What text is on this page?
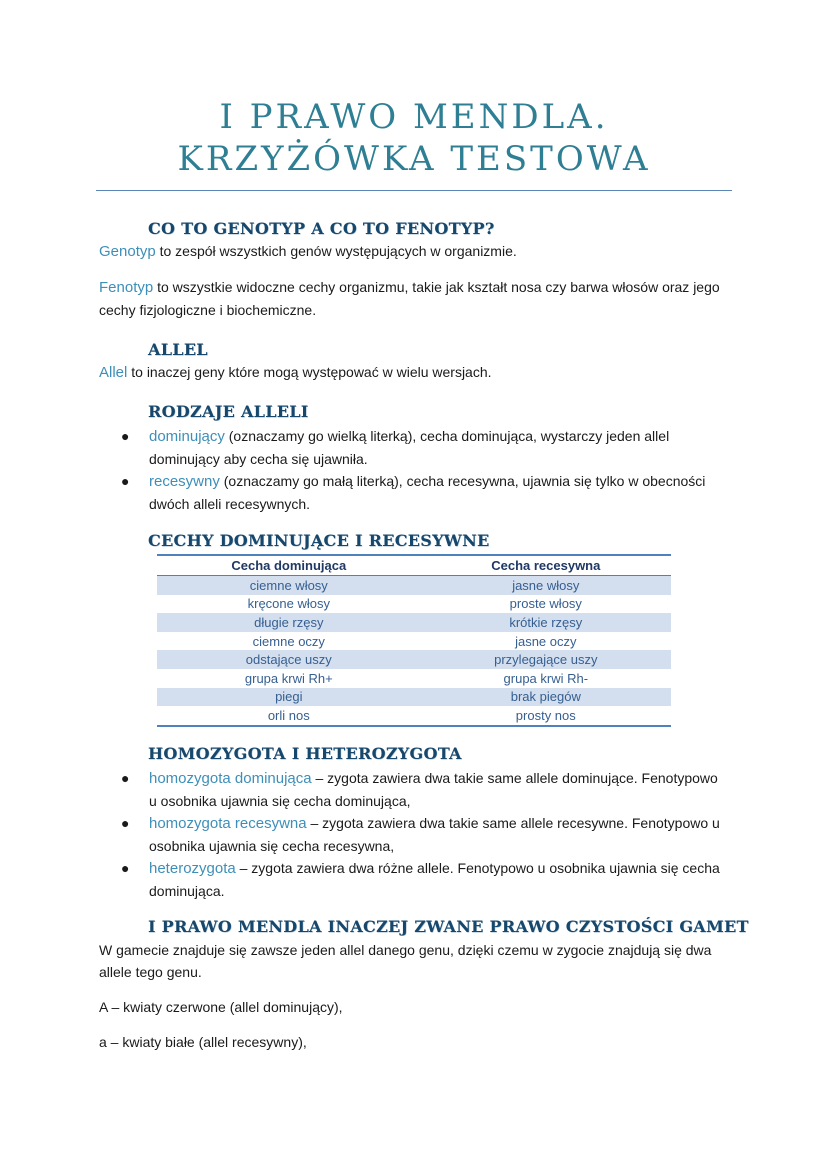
I PRAWO MENDLA.
KRZYŻÓWKA TESTOWA
CO TO GENOTYP A CO TO FENOTYP?

Genotyp to zespół wszystkich genów występujących w organizmie.

Fenotyp to wszystkie widoczne cechy organizmu, takie jak kształt nosa czy barwa włosów oraz jego cechy fizjologiczne i biochemiczne.

ALLEL

Allel to inaczej geny które mogą występować w wielu wersjach.

RODZAJE ALLELI
● dominujący (oznaczamy go wielką literką), cecha dominująca, wystarczy jeden allel dominujący aby cecha się ujawniła.
● recesywny (oznaczamy go małą literką), cecha recesywna, ujawnia się tylko w obecności dwóch alleli recesywnych.
CECHY DOMINUJĄCE I RECESYWNE
Cecha dominująca	Cecha recesywna
ciemne włosy	jasne włosy
kręcone włosy	proste włosy
długie rzęsy	krótkie rzęsy
ciemne oczy	jasne oczy
odstające uszy	przylegające uszy
grupa krwi Rh+	grupa krwi Rh-
piegi	brak piegów
orli nos	prosty nos
HOMOZYGOTA I HETEROZYGOTA
● homozygota dominująca – zygota zawiera dwa takie same allele dominujące. Fenotypowo u osobnika ujawnia się cecha dominująca,
● homozygota recesywna – zygota zawiera dwa takie same allele recesywne. Fenotypowo u osobnika ujawnia się cecha recesywna,
● heterozygota – zygota zawiera dwa różne allele. Fenotypowo u osobnika ujawnia się cecha dominująca.
I PRAWO MENDLA INACZEJ ZWANE PRAWO CZYSTOŚCI GAMET

W gamecie znajduje się zawsze jeden allel danego genu, dzięki czemu w zygocie znajdują się dwa allele tego genu.

A – kwiaty czerwone (allel dominujący),

a – kwiaty białe (allel recesywny),
